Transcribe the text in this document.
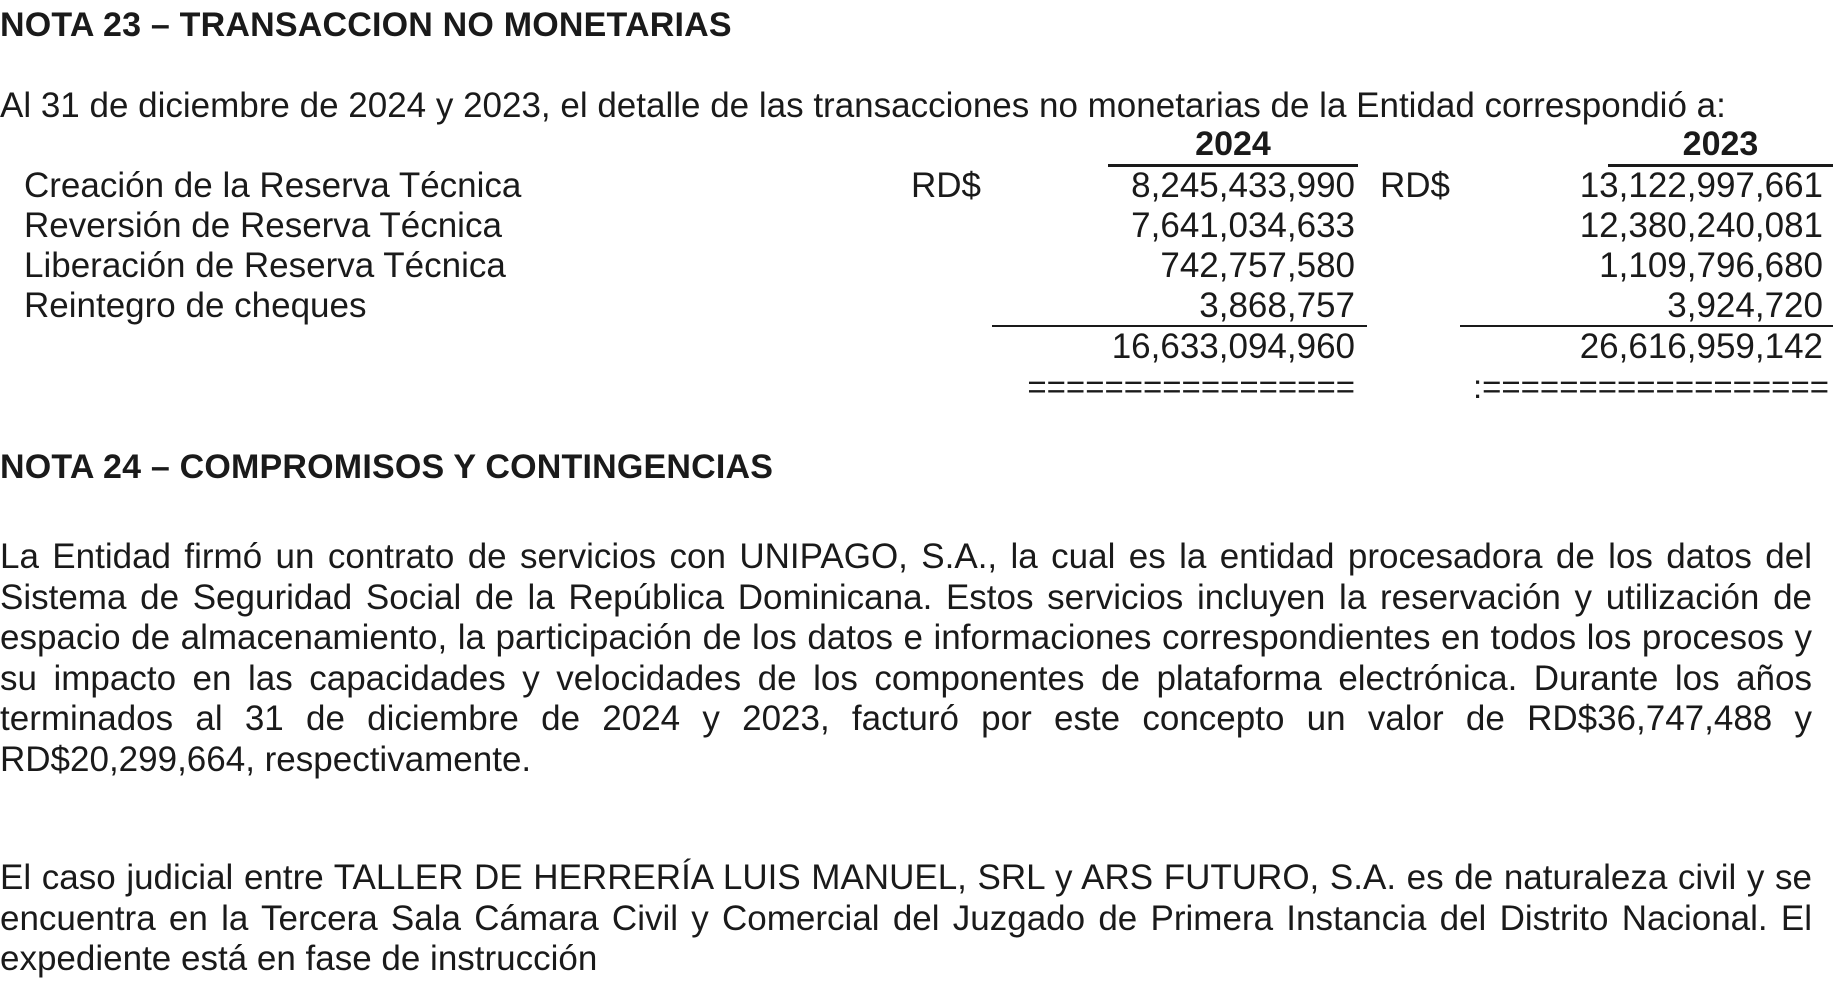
NOTA 23 – TRANSACCION NO MONETARIAS
Al 31 de diciembre de 2024 y 2023, el detalle de las transacciones no monetarias de la Entidad correspondió a:
2024	2023
Creación de la Reserva Técnica	RD$	8,245,433,990 RD$	13,122,997,661
Reversión de Reserva Técnica	7,641,034,633	12,380,240,081
Liberación de Reserva Técnica	742,757,580	1,109,796,680
Reintegro de cheques	3,868,757	3,924,720
16,633,094,960	26,616,959,142
=================	:==================
NOTA 24 – COMPROMISOS Y CONTINGENCIAS

La Entidad firmó un contrato de servicios con UNIPAGO, S.A., la cual es la entidad procesadora de los datos del Sistema de Seguridad Social de la República Dominicana. Estos servicios incluyen la reservación y utilización de espacio de almacenamiento, la participación de los datos e informaciones correspondientes en todos los procesos y su impacto en las capacidades y velocidades de los componentes de plataforma electrónica. Durante los años terminados al 31 de diciembre de 2024 y 2023, facturó por este concepto un valor de RD$36,747,488 y RD$20,299,664, respectivamente.

El caso judicial entre TALLER DE HERRERÍA LUIS MANUEL, SRL y ARS FUTURO, S.A. es de naturaleza civil y se encuentra en la Tercera Sala Cámara Civil y Comercial del Juzgado de Primera Instancia del Distrito Nacional. El expediente está en fase de instrucción
